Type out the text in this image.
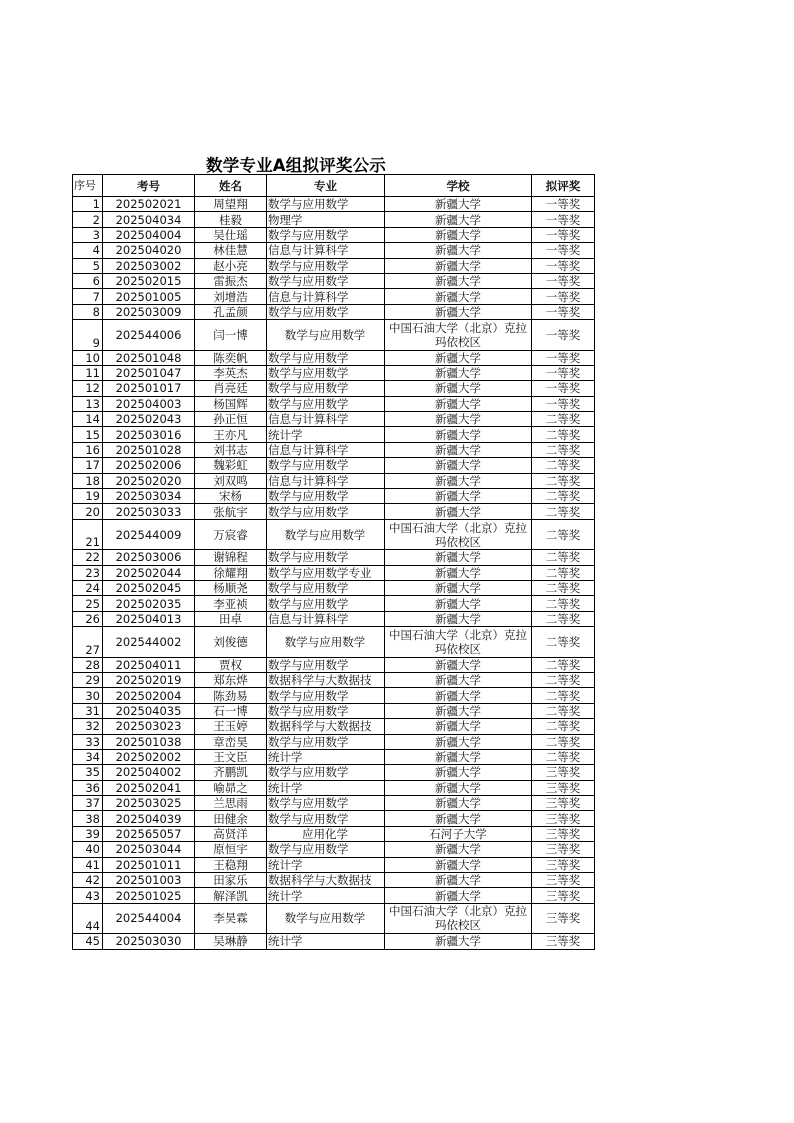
数学专业A组拟评奖公示
序号	考号	姓名	专业	学校	拟评奖
1	202502021	周望翔	数学与应用数学	新疆大学	一等奖
2	202504034	桂毅	物理学	新疆大学	一等奖
3	202504004	吴仕瑶	数学与应用数学	新疆大学	一等奖
4	202504020	林佳慧	信息与计算科学	新疆大学	一等奖
5	202503002	赵小亮	数学与应用数学	新疆大学	一等奖
6	202502015	雷振杰	数学与应用数学	新疆大学	一等奖
7	202501005	刘增浩	信息与计算科学	新疆大学	一等奖
8	202503009	孔孟颜	数学与应用数学	新疆大学	一等奖
9	202544006	闫一博	数学与应用数学	中国石油大学（北京）克拉玛依校区	一等奖
10	202501048	陈奕帆	数学与应用数学	新疆大学	一等奖
11	202501047	李英杰	数学与应用数学	新疆大学	一等奖
12	202501017	肖亮廷	数学与应用数学	新疆大学	一等奖
13	202504003	杨国辉	数学与应用数学	新疆大学	一等奖
14	202502043	孙正恒	信息与计算科学	新疆大学	二等奖
15	202503016	王亦凡	统计学	新疆大学	二等奖
16	202501028	刘书志	信息与计算科学	新疆大学	二等奖
17	202502006	魏彩虹	数学与应用数学	新疆大学	二等奖
18	202502020	刘双鸣	信息与计算科学	新疆大学	二等奖
19	202503034	宋杨	数学与应用数学	新疆大学	二等奖
20	202503033	张航宇	数学与应用数学	新疆大学	二等奖
21	202544009	万宸睿	数学与应用数学	中国石油大学（北京）克拉玛依校区	二等奖
22	202503006	谢锦程	数学与应用数学	新疆大学	二等奖
23	202502044	徐耀翔	数学与应用数学专业	新疆大学	二等奖
24	202502045	杨顺尧	数学与应用数学	新疆大学	二等奖
25	202502035	李亚祯	数学与应用数学	新疆大学	二等奖
26	202504013	田卓	信息与计算科学	新疆大学	二等奖
27	202544002	刘俊德	数学与应用数学	中国石油大学（北京）克拉玛依校区	二等奖
28	202504011	贾权	数学与应用数学	新疆大学	二等奖
29	202502019	郑东烨	数据科学与大数据技	新疆大学	二等奖
30	202502004	陈劲易	数学与应用数学	新疆大学	二等奖
31	202504035	石一博	数学与应用数学	新疆大学	二等奖
32	202503023	王玉婷	数据科学与大数据技	新疆大学	二等奖
33	202501038	章峦昊	数学与应用数学	新疆大学	二等奖
34	202502002	王文臣	统计学	新疆大学	二等奖
35	202504002	齐鹏凯	数学与应用数学	新疆大学	三等奖
36	202502041	喻昴之	统计学	新疆大学	三等奖
37	202503025	兰思雨	数学与应用数学	新疆大学	三等奖
38	202504039	田健余	数学与应用数学	新疆大学	三等奖
39	202565057	高贤洋	应用化学	石河子大学	三等奖
40	202503044	原恒宇	数学与应用数学	新疆大学	三等奖
41	202501011	王稳翔	统计学	新疆大学	三等奖
42	202501003	田家乐	数据科学与大数据技	新疆大学	三等奖
43	202501025	解泽凯	统计学	新疆大学	三等奖
44	202544004	李昊霖	数学与应用数学	中国石油大学（北京）克拉玛依校区	三等奖
45	202503030	吴琳静	统计学	新疆大学	三等奖
